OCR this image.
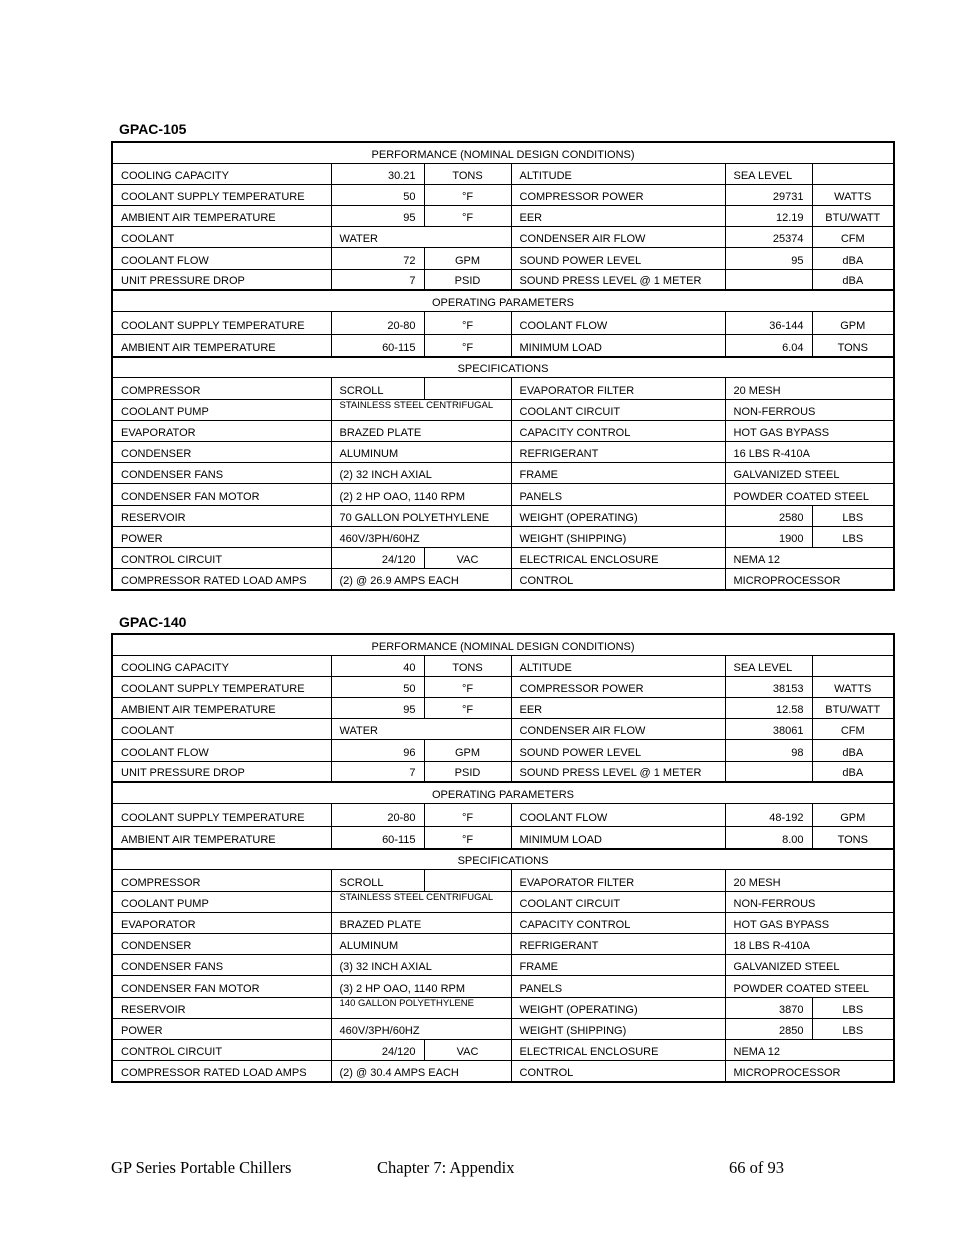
GPAC-105
PERFORMANCE (NOMINAL DESIGN CONDITIONS)					
COOLING CAPACITY	30.21	TONS	ALTITUDE	SEA LEVEL	
COOLANT SUPPLY TEMPERATURE	50	°F	COMPRESSOR POWER	29731	WATTS
AMBIENT AIR TEMPERATURE	95	°F	EER	12.19	BTU/WATT
COOLANT	WATER		CONDENSER AIR FLOW	25374	CFM
COOLANT FLOW	72	GPM	SOUND POWER LEVEL	95	dBA
UNIT PRESSURE DROP	7	PSID	SOUND PRESS LEVEL @ 1 METER		dBA
OPERATING PARAMETERS					
COOLANT SUPPLY TEMPERATURE	20-80	°F	COOLANT FLOW	36-144	GPM
AMBIENT AIR TEMPERATURE	60-115	°F	MINIMUM LOAD	6.04	TONS
SPECIFICATIONS					
COMPRESSOR	SCROLL		EVAPORATOR FILTER	20 MESH	
COOLANT PUMP	STAINLESS STEEL CENTRIFUGAL		COOLANT CIRCUIT	NON-FERROUS	
EVAPORATOR	BRAZED PLATE		CAPACITY CONTROL	HOT GAS BYPASS	
CONDENSER	ALUMINUM		REFRIGERANT	16 LBS R-410A	
CONDENSER FANS	(2) 32 INCH AXIAL		FRAME	GALVANIZED STEEL	
CONDENSER FAN MOTOR	(2) 2 HP OAO, 1140 RPM		PANELS	POWDER COATED STEEL	
RESERVOIR	70 GALLON POLYETHYLENE		WEIGHT (OPERATING)	2580	LBS
POWER	460V/3PH/60HZ		WEIGHT (SHIPPING)	1900	LBS
CONTROL CIRCUIT	24/120	VAC	ELECTRICAL ENCLOSURE	NEMA 12	
COMPRESSOR RATED LOAD AMPS	(2) @ 26.9 AMPS EACH		CONTROL	MICROPROCESSOR	
GPAC-140
PERFORMANCE (NOMINAL DESIGN CONDITIONS)					
COOLING CAPACITY	40	TONS	ALTITUDE	SEA LEVEL	
COOLANT SUPPLY TEMPERATURE	50	°F	COMPRESSOR POWER	38153	WATTS
AMBIENT AIR TEMPERATURE	95	°F	EER	12.58	BTU/WATT
COOLANT	WATER		CONDENSER AIR FLOW	38061	CFM
COOLANT FLOW	96	GPM	SOUND POWER LEVEL	98	dBA
UNIT PRESSURE DROP	7	PSID	SOUND PRESS LEVEL @ 1 METER		dBA
OPERATING PARAMETERS					
COOLANT SUPPLY TEMPERATURE	20-80	°F	COOLANT FLOW	48-192	GPM
AMBIENT AIR TEMPERATURE	60-115	°F	MINIMUM LOAD	8.00	TONS
SPECIFICATIONS					
COMPRESSOR	SCROLL		EVAPORATOR FILTER	20 MESH	
COOLANT PUMP	STAINLESS STEEL CENTRIFUGAL		COOLANT CIRCUIT	NON-FERROUS	
EVAPORATOR	BRAZED PLATE		CAPACITY CONTROL	HOT GAS BYPASS	
CONDENSER	ALUMINUM		REFRIGERANT	18 LBS R-410A	
CONDENSER FANS	(3) 32 INCH AXIAL		FRAME	GALVANIZED STEEL	
CONDENSER FAN MOTOR	(3) 2 HP OAO, 1140 RPM		PANELS	POWDER COATED STEEL	
RESERVOIR	140 GALLON POLYETHYLENE		WEIGHT (OPERATING)	3870	LBS
POWER	460V/3PH/60HZ		WEIGHT (SHIPPING)	2850	LBS
CONTROL CIRCUIT	24/120	VAC	ELECTRICAL ENCLOSURE	NEMA 12	
COMPRESSOR RATED LOAD AMPS	(2) @ 30.4 AMPS EACH		CONTROL	MICROPROCESSOR	
GP Series Portable Chillers	Chapter 7: Appendix	66 of 93
